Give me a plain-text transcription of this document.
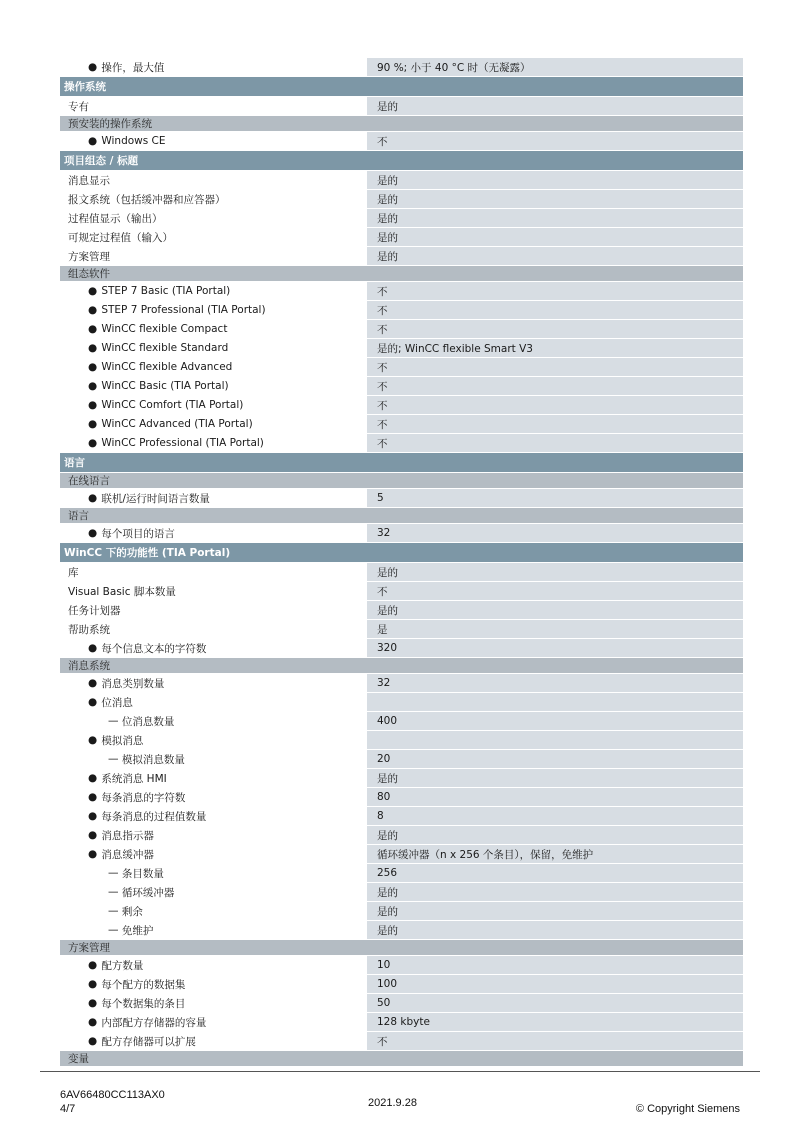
●
操作，最大值	90 %; 小于 40 °C 时（无凝露）
操作系统
专有	是的
预安装的操作系统
●
Windows CE	不
项目组态 / 标题
消息显示	是的
报文系统（包括缓冲器和应答器）	是的
过程值显示（输出）	是的
可规定过程值（输入）	是的
方案管理	是的
组态软件
●
STEP 7 Basic (TIA Portal)	不
●
STEP 7 Professional (TIA Portal)	不
●
WinCC flexible Compact	不
●
WinCC flexible Standard	是的; WinCC flexible Smart V3
●
WinCC flexible Advanced	不
●
WinCC Basic (TIA Portal)	不
●
WinCC Comfort (TIA Portal)	不
●
WinCC Advanced (TIA Portal)	不
●
WinCC Professional (TIA Portal)	不
语言
在线语言
●
联机/运行时间语言数量	5
语言
●
每个项目的语言	32
WinCC 下的功能性 (TIA Portal)
库	是的
Visual Basic 脚本数量	不
任务计划器	是的
帮助系统	是
●
每个信息文本的字符数	320
消息系统
●
消息类别数量	32
●
位消息
—
位消息数量	400
●
模拟消息
—
模拟消息数量	20
●
系统消息 HMI	是的
●
每条消息的字符数	80
●
每条消息的过程值数量	8
●
消息指示器	是的
●
消息缓冲器	循环缓冲器（n x 256 个条目），保留，免维护
—
条目数量	256
—
循环缓冲器	是的
—
剩余	是的
—
免维护	是的
方案管理
●
配方数量	10
●
每个配方的数据集	100
●
每个数据集的条目	50
●
内部配方存储器的容量	128 kbyte
●
配方存储器可以扩展	不
变量
6AV66480CC113AX0
4/7	2021.9.28	© Copyright Siemens
